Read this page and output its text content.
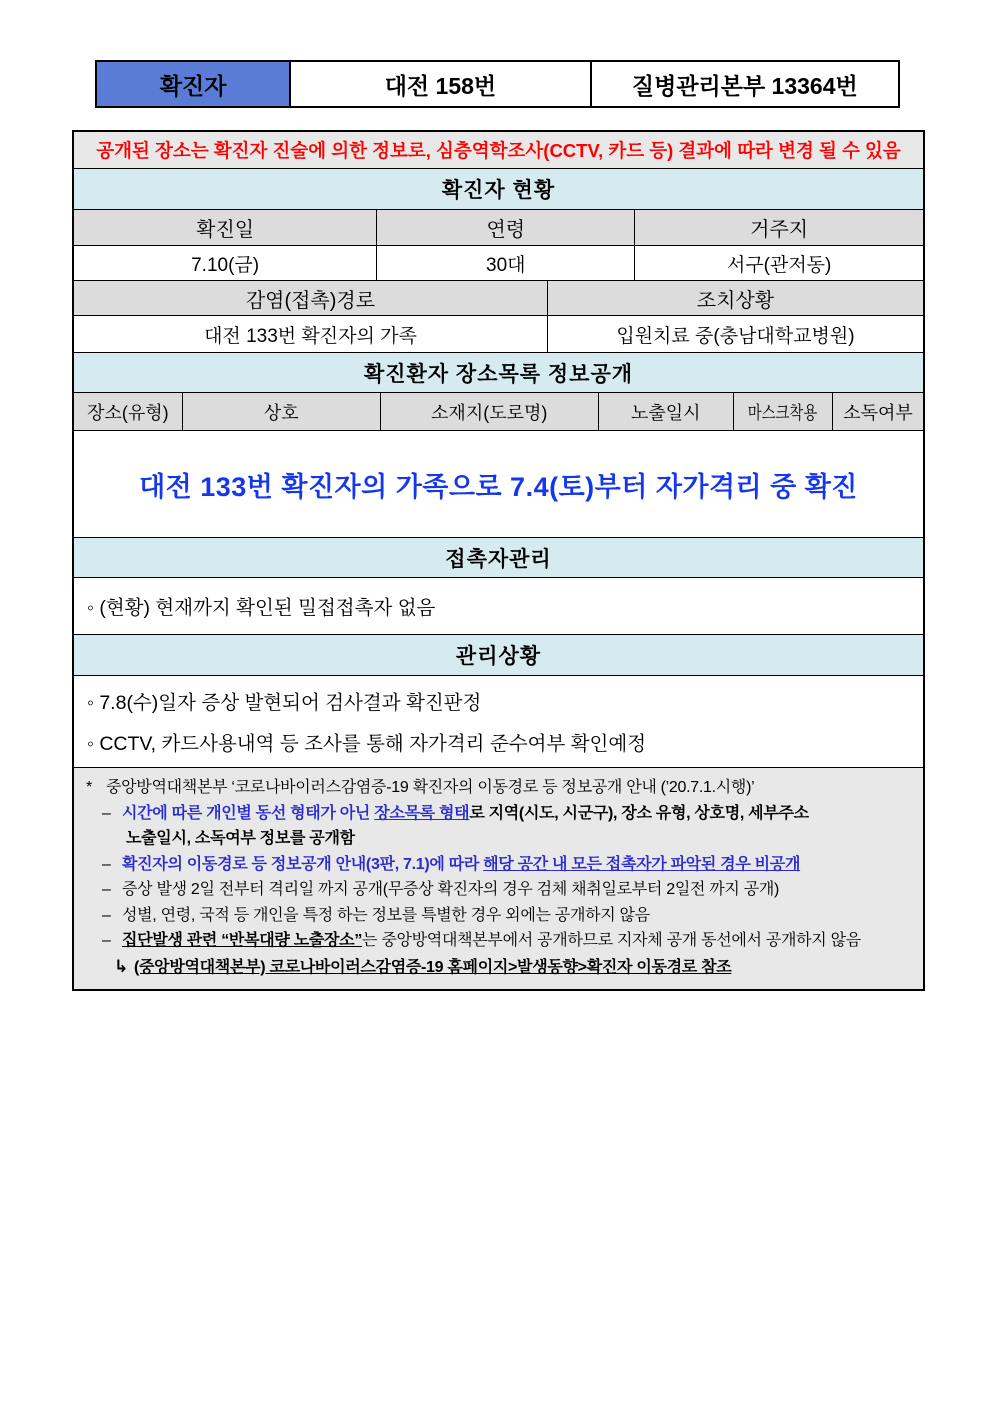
확진자	대전 158번	질병관리본부 13364번
공개된 장소는 확진자 진술에 의한 정보로, 심층역학조사(CCTV, 카드 등) 결과에 따라 변경 될 수 있음
확진자 현황
확진일	연령	거주지
7.10(금)	30대	서구(관저동)
감염(접촉)경로	조치상황
대전 133번 확진자의 가족	입원치료 중(충남대학교병원)
확진환자 장소목록 정보공개
장소(유형)	상호	소재지(도로명)	노출일시	마스크착용	소독여부
대전 133번 확진자의 가족으로 7.4(토)부터 자가격리 중 확진
접촉자관리
◦ (현황) 현재까지 확인된 밀접접촉자 없음
관리상황
◦ 7.8(수)일자 증상 발현되어 검사결과 확진판정
◦ CCTV, 카드사용내역 등 조사를 통해 자가격리 준수여부 확인예정
* 중앙방역대책본부 ‘코로나바이러스감염증-19 확진자의 이동경로 등 정보공개 안내 (’20.7.1.시행)’
– 시간에 따른 개인별 동선 형태가 아닌 장소목록 형태로 지역(시도, 시군구), 장소 유형, 상호명, 세부주소
노출일시, 소독여부 정보를 공개함
– 확진자의 이동경로 등 정보공개 안내(3판, 7.1)에 따라 해당 공간 내 모든 접촉자가 파악된 경우 비공개
– 증상 발생 2일 전부터 격리일 까지 공개(무증상 확진자의 경우 검체 채취일로부터 2일전 까지 공개)
– 성별, 연령, 국적 등 개인을 특정 하는 정보를 특별한 경우 외에는 공개하지 않음
– 집단발생 관련 “반복대량 노출장소”는 중앙방역대책본부에서 공개하므로 지자체 공개 동선에서 공개하지 않음
↳ (중앙방역대책본부) 코로나바이러스감염증-19 홈페이지>발생동향>확진자 이동경로 참조
